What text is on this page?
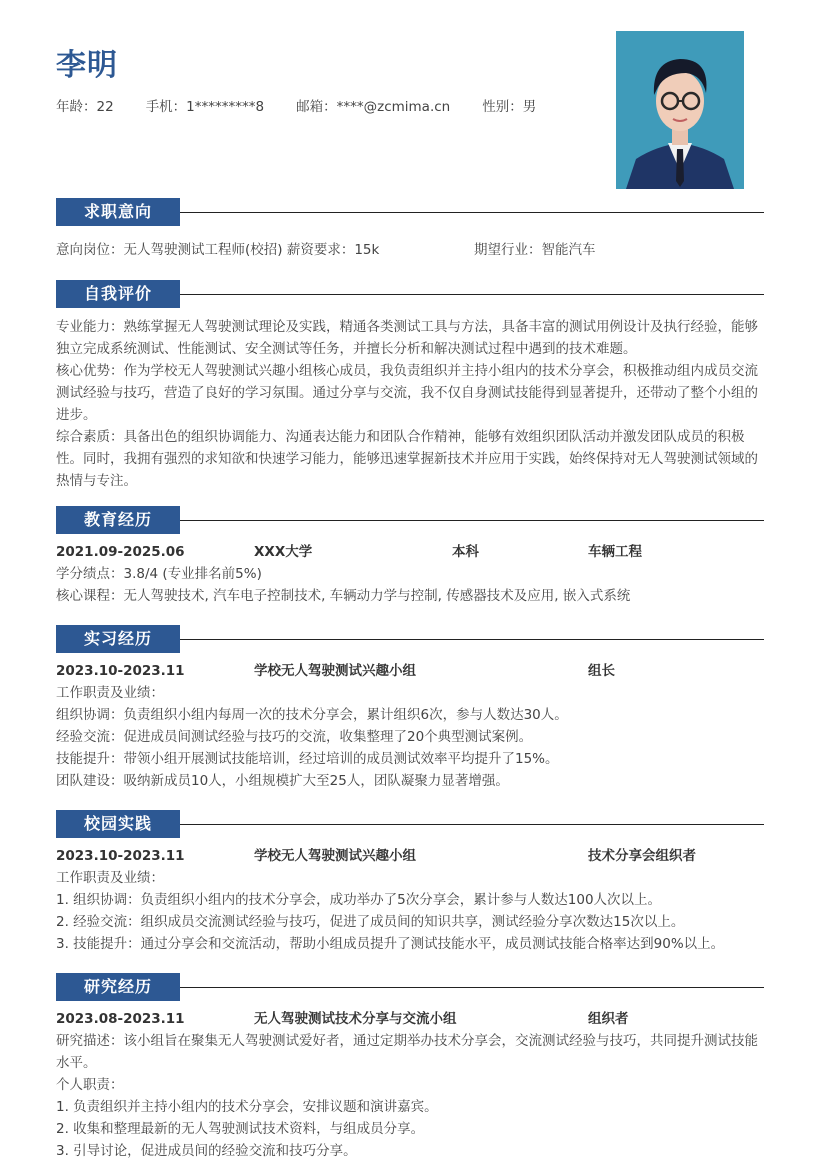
李明
年龄：22 手机：1*********8 邮箱：****@zcmima.cn 性别：男
求职意向
意向岗位：无人驾驶测试工程师(校招) 薪资要求：15k	期望行业：智能汽车
自我评价
专业能力：熟练掌握无人驾驶测试理论及实践，精通各类测试工具与方法，具备丰富的测试用例设计及执行经验，能够独立完成系统测试、性能测试、安全测试等任务，并擅长分析和解决测试过程中遇到的技术难题。
核心优势：作为学校无人驾驶测试兴趣小组核心成员，我负责组织并主持小组内的技术分享会，积极推动组内成员交流测试经验与技巧，营造了良好的学习氛围。通过分享与交流，我不仅自身测试技能得到显著提升，还带动了整个小组的进步。
综合素质：具备出色的组织协调能力、沟通表达能力和团队合作精神，能够有效组织团队活动并激发团队成员的积极性。同时，我拥有强烈的求知欲和快速学习能力，能够迅速掌握新技术并应用于实践，始终保持对无人驾驶测试领域的热情与专注。
教育经历
2021.09-2025.06	XXX大学	本科	车辆工程
学分绩点：3.8/4 (专业排名前5%)
核心课程：无人驾驶技术, 汽车电子控制技术, 车辆动力学与控制, 传感器技术及应用, 嵌入式系统
实习经历
2023.10-2023.11	学校无人驾驶测试兴趣小组	组长
工作职责及业绩：
组织协调：负责组织小组内每周一次的技术分享会，累计组织6次，参与人数达30人。
经验交流：促进成员间测试经验与技巧的交流，收集整理了20个典型测试案例。
技能提升：带领小组开展测试技能培训，经过培训的成员测试效率平均提升了15%。
团队建设：吸纳新成员10人，小组规模扩大至25人，团队凝聚力显著增强。
校园实践
2023.10-2023.11	学校无人驾驶测试兴趣小组	技术分享会组织者
工作职责及业绩：
1. 组织协调：负责组织小组内的技术分享会，成功举办了5次分享会，累计参与人数达100人次以上。
2. 经验交流：组织成员交流测试经验与技巧，促进了成员间的知识共享，测试经验分享次数达15次以上。
3. 技能提升：通过分享会和交流活动，帮助小组成员提升了测试技能水平，成员测试技能合格率达到90%以上。
研究经历
2023.08-2023.11	无人驾驶测试技术分享与交流小组	组织者
研究描述：该小组旨在聚集无人驾驶测试爱好者，通过定期举办技术分享会，交流测试经验与技巧，共同提升测试技能水平。
个人职责：
1. 负责组织并主持小组内的技术分享会，安排议题和演讲嘉宾。
2. 收集和整理最新的无人驾驶测试技术资料，与组成员分享。
3. 引导讨论，促进成员间的经验交流和技巧分享。
